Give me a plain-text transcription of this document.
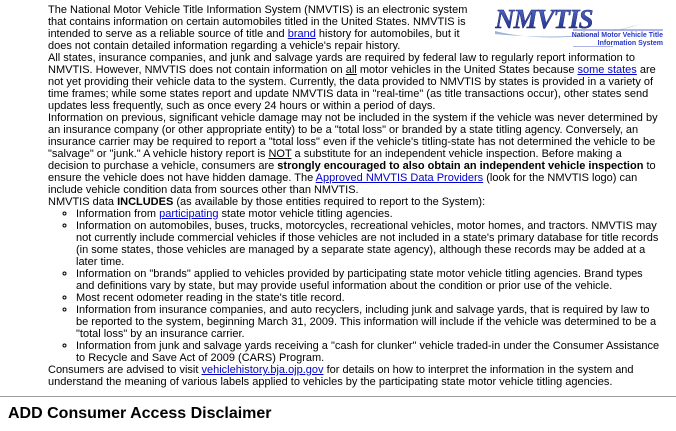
NMVTIS
National Motor Vehicle Title
Information System

The National Motor Vehicle Title Information System (NMVTIS) is an electronic system that contains information on certain automobiles titled in the United States. NMVTIS is intended to serve as a reliable source of title and brand history for automobiles, but it does not contain detailed information regarding a vehicle's repair history.

All states, insurance companies, and junk and salvage yards are required by federal law to regularly report information to NMVTIS. However, NMVTIS does not contain information on all motor vehicles in the United States because some states are not yet providing their vehicle data to the system. Currently, the data provided to NMVTIS by states is provided in a variety of time frames; while some states report and update NMVTIS data in "real-time" (as title transactions occur), other states send updates less frequently, such as once every 24 hours or within a period of days.

Information on previous, significant vehicle damage may not be included in the system if the vehicle was never determined by an insurance company (or other appropriate entity) to be a "total loss" or branded by a state titling agency. Conversely, an insurance carrier may be required to report a "total loss" even if the vehicle's titling-state has not determined the vehicle to be "salvage" or "junk." A vehicle history report is NOT a substitute for an independent vehicle inspection. Before making a decision to purchase a vehicle, consumers are strongly encouraged to also obtain an independent vehicle inspection to ensure the vehicle does not have hidden damage. The Approved NMVTIS Data Providers (look for the NMVTIS logo) can include vehicle condition data from sources other than NMVTIS.

NMVTIS data INCLUDES (as available by those entities required to report to the System):

◦ Information from participating state motor vehicle titling agencies.
◦ Information on automobiles, buses, trucks, motorcycles, recreational vehicles, motor homes, and tractors. NMVTIS may not currently include commercial vehicles if those vehicles are not included in a state's primary database for title records (in some states, those vehicles are managed by a separate state agency), although these records may be added at a later time.
◦ Information on "brands" applied to vehicles provided by participating state motor vehicle titling agencies. Brand types and definitions vary by state, but may provide useful information about the condition or prior use of the vehicle.
◦ Most recent odometer reading in the state's title record.
◦ Information from insurance companies, and auto recyclers, including junk and salvage yards, that is required by law to be reported to the system, beginning March 31, 2009. This information will include if the vehicle was determined to be a "total loss" by an insurance carrier.
◦ Information from junk and salvage yards receiving a "cash for clunker" vehicle traded-in under the Consumer Assistance to Recycle and Save Act of 2009 (CARS) Program.

Consumers are advised to visit vehiclehistory.bja.ojp.gov for details on how to interpret the information in the system and understand the meaning of various labels applied to vehicles by the participating state motor vehicle titling agencies.

ADD Consumer Access Disclaimer
